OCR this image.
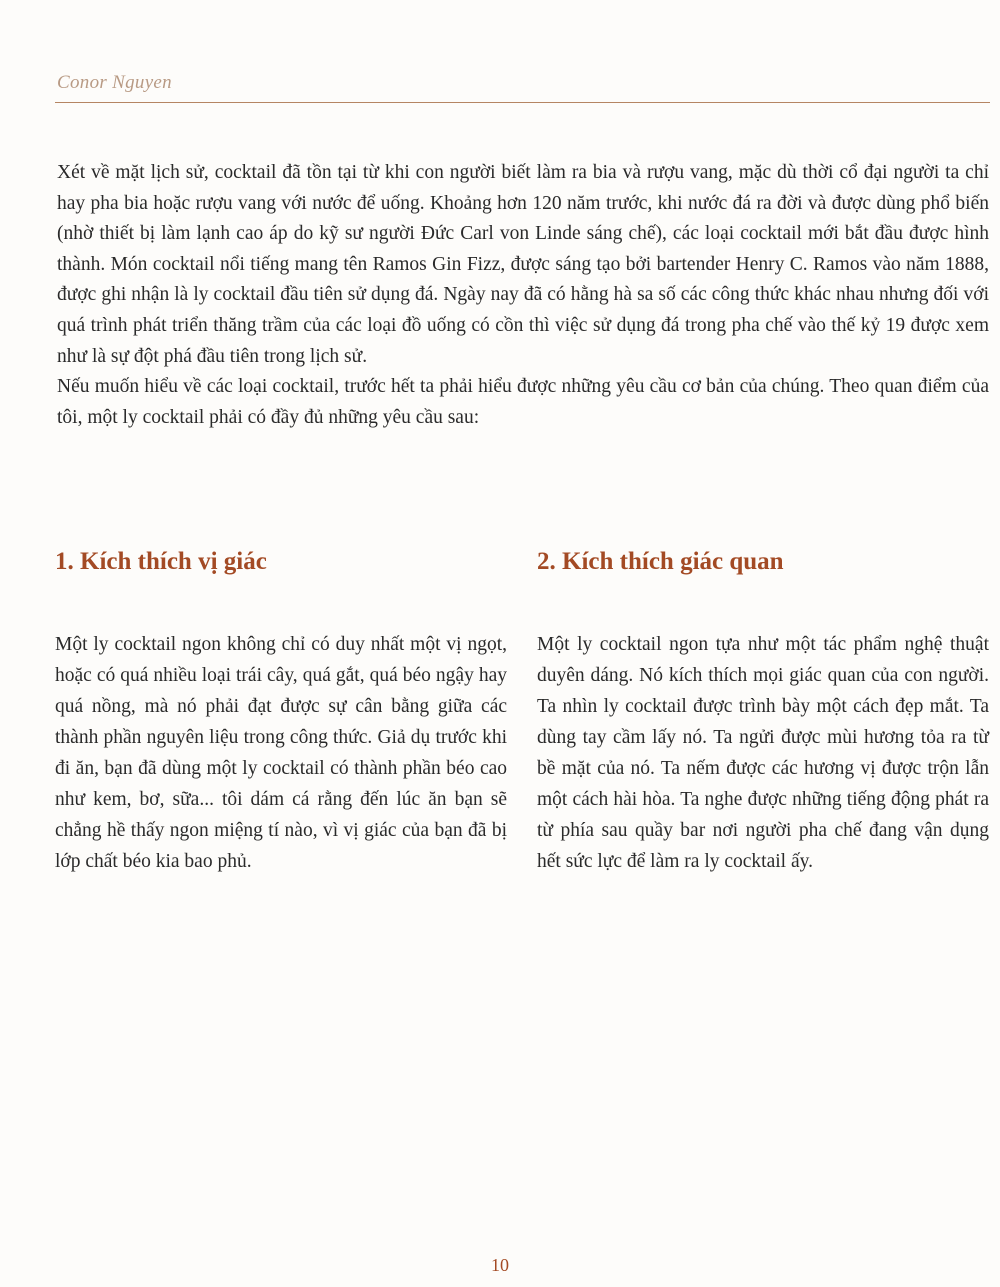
Conor Nguyen

Xét về mặt lịch sử, cocktail đã tồn tại từ khi con người biết làm ra bia và rượu vang, mặc dù thời cổ đại người ta chỉ hay pha bia hoặc rượu vang với nước để uống. Khoảng hơn 120 năm trước, khi nước đá ra đời và được dùng phổ biến (nhờ thiết bị làm lạnh cao áp do kỹ sư người Đức Carl von Linde sáng chế), các loại cocktail mới bắt đầu được hình thành. Món cocktail nổi tiếng mang tên Ramos Gin Fizz, được sáng tạo bởi bartender Henry C. Ramos vào năm 1888, được ghi nhận là ly cocktail đầu tiên sử dụng đá. Ngày nay đã có hằng hà sa số các công thức khác nhau nhưng đối với quá trình phát triển thăng trầm của các loại đồ uống có cồn thì việc sử dụng đá trong pha chế vào thế kỷ 19 được xem như là sự đột phá đầu tiên trong lịch sử.

Nếu muốn hiểu về các loại cocktail, trước hết ta phải hiểu được những yêu cầu cơ bản của chúng. Theo quan điểm của tôi, một ly cocktail phải có đầy đủ những yêu cầu sau:

1. Kích thích vị giác

Một ly cocktail ngon không chỉ có duy nhất một vị ngọt, hoặc có quá nhiều loại trái cây, quá gắt, quá béo ngậy hay quá nồng, mà nó phải đạt được sự cân bằng giữa các thành phần nguyên liệu trong công thức. Giả dụ trước khi đi ăn, bạn đã dùng một ly cocktail có thành phần béo cao như kem, bơ, sữa... tôi dám cá rằng đến lúc ăn bạn sẽ chẳng hề thấy ngon miệng tí nào, vì vị giác của bạn đã bị lớp chất béo kia bao phủ.

2. Kích thích giác quan

Một ly cocktail ngon tựa như một tác phẩm nghệ thuật duyên dáng. Nó kích thích mọi giác quan của con người. Ta nhìn ly cocktail được trình bày một cách đẹp mắt. Ta dùng tay cầm lấy nó. Ta ngửi được mùi hương tỏa ra từ bề mặt của nó. Ta nếm được các hương vị được trộn lẫn một cách hài hòa. Ta nghe được những tiếng động phát ra từ phía sau quầy bar nơi người pha chế đang vận dụng hết sức lực để làm ra ly cocktail ấy.

10
